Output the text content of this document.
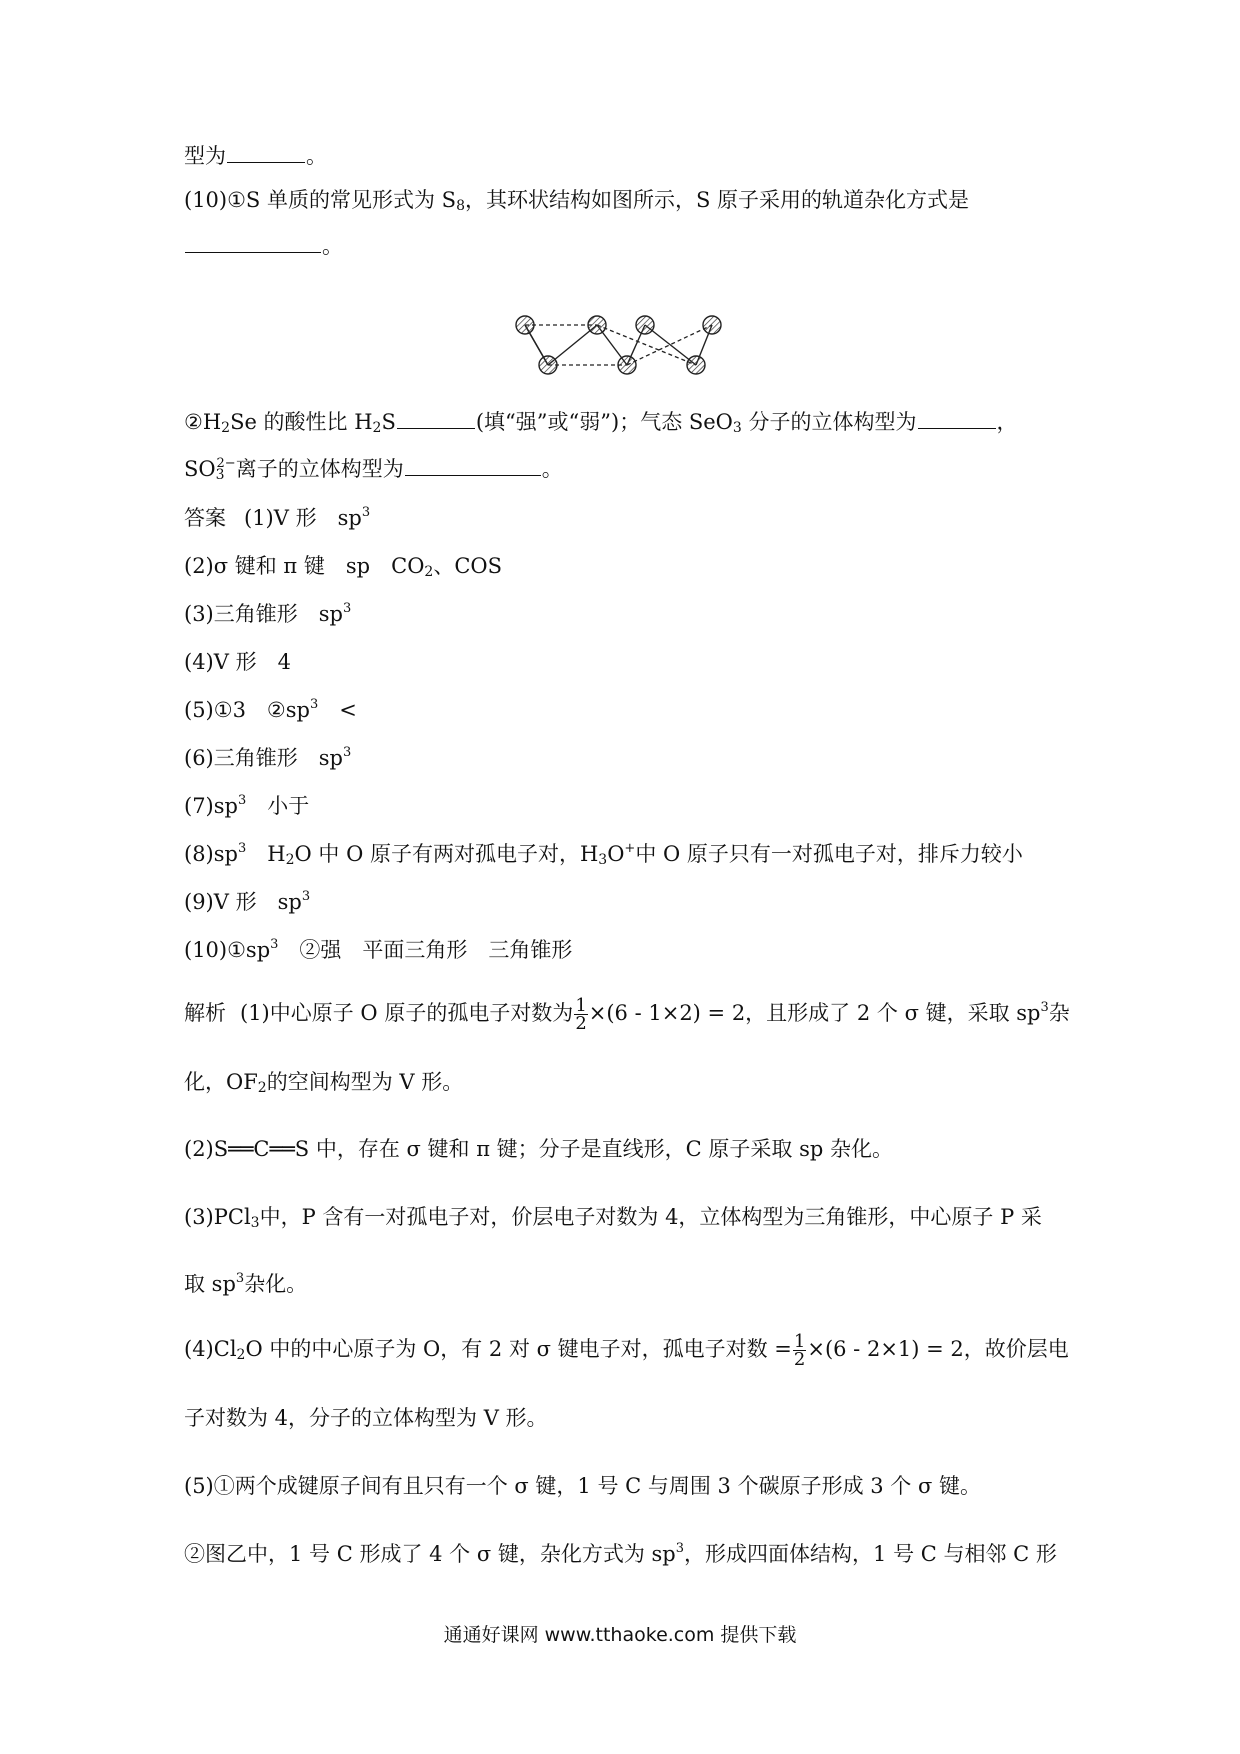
型为	。
(10)①S 单质的常见形式为 $S_8$，其环状结构如图所示，S 原子采用的轨道杂化方式是
。
$②H_2Se$ 的酸性比 $H_2S$	(填“强”或“弱”)；气态 SeO$_3$ 分子的立体构型为	，
$SO_3^{2-}$离子的立体构型为	。
答案 (1)V 形　$sp^3$
(2)σ 键和 π 键　sp　$CO_2$、COS
(3)三角锥形　$sp^3$
(4)V 形　4
(5)①3　$②sp^3$　<
(6)三角锥形　$sp^3$
$(7)sp^3$　小于
$(8)sp^3$　$H_2O$ 中 O 原子有两对孤电子对，$H_3O^+$中 O 原子只有一对孤电子对，排斥力较小
(9)V 形　$sp^3$
$(10)①sp^3$　②强　平面三角形　三角锥形
解析 (1)中心原子 O 原子的孤电子对数为 $\frac{1}{2} \times(6 - 1\times 2) = 2$，且形成了 2 个 σ 键，采取 $sp^3$杂
化，$OF_2$的空间构型为 V 形。
(2)S══C══S 中，存在 σ 键和 π 键；分子是直线形，C 原子采取 sp 杂化。
(3)PCl$_3$中，P 含有一对孤电子对，价层电子对数为 4，立体构型为三角锥形，中心原子 P 采
取 $sp^3$杂化。
$(4)Cl_2O$ 中的中心原子为 O，有 2 对 σ 键电子对，孤电子对数 = $\frac{1}{2} \times(6 - 2\times 1) = 2$，故价层电
子对数为 4，分子的立体构型为 V 形。
(5)①两个成键原子间有且只有一个 σ 键，1 号 C 与周围 3 个碳原子形成 3 个 σ 键。
②图乙中，1 号 C 形成了 4 个 σ 键，杂化方式为 $sp^3$，形成四面体结构，1 号 C 与相邻 C 形
通通好课网 www.tthaoke.com 提供下载
